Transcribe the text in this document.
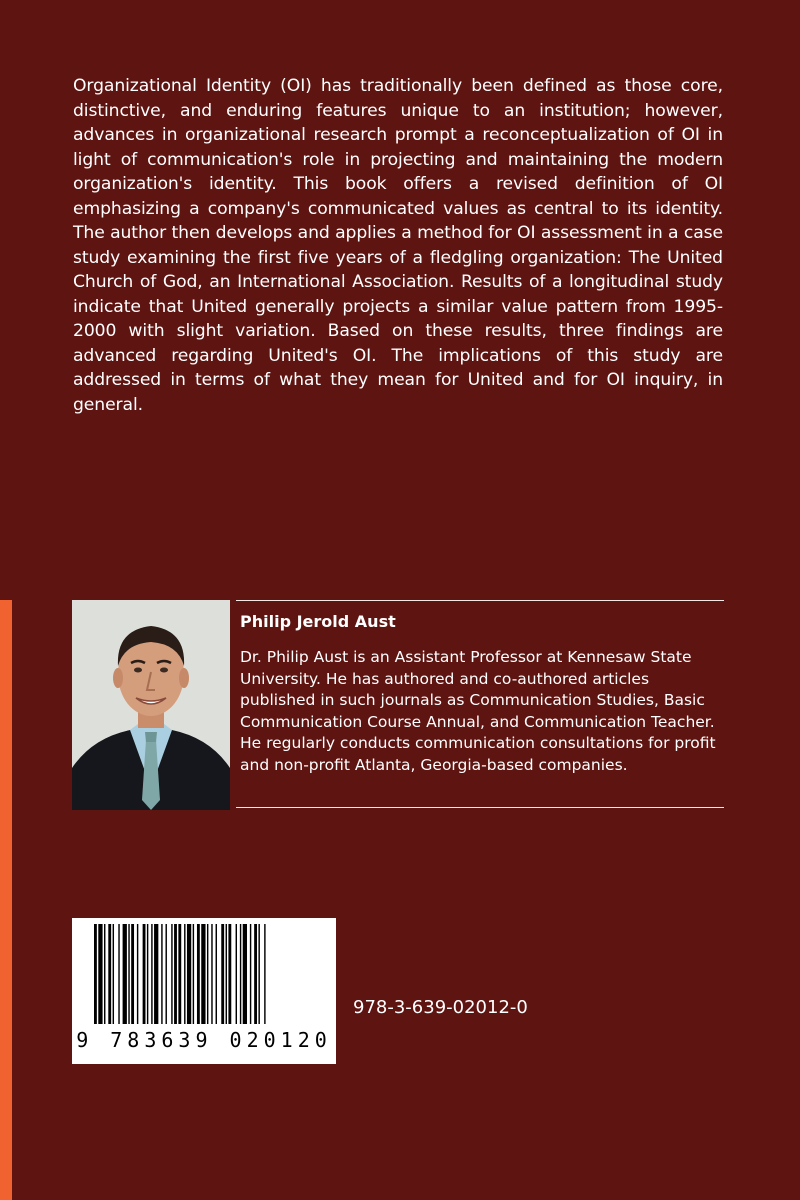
Organizational Identity (OI) has traditionally been defined as those core, distinctive, and enduring features unique to an institution; however, advances in organizational research prompt a reconceptualization of OI in light of communication's role in projecting and maintaining the modern organization's identity. This book offers a revised definition of OI emphasizing a company's communicated values as central to its identity. The author then develops and applies a method for OI assessment in a case study examining the first five years of a fledgling organization: The United Church of God, an International Association. Results of a longitudinal study indicate that United generally projects a similar value pattern from 1995-2000 with slight variation. Based on these results, three findings are advanced regarding United's OI. The implications of this study are addressed in terms of what they mean for United and for OI inquiry, in general.

Philip Jerold Aust

Dr. Philip Aust is an Assistant Professor at Kennesaw State University. He has authored and co-authored articles published in such journals as Communication Studies, Basic Communication Course Annual, and Communication Teacher. He regularly conducts communication consultations for profit and non-profit Atlanta, Georgia-based companies.

9 783639 020120

978-3-639-02012-0
